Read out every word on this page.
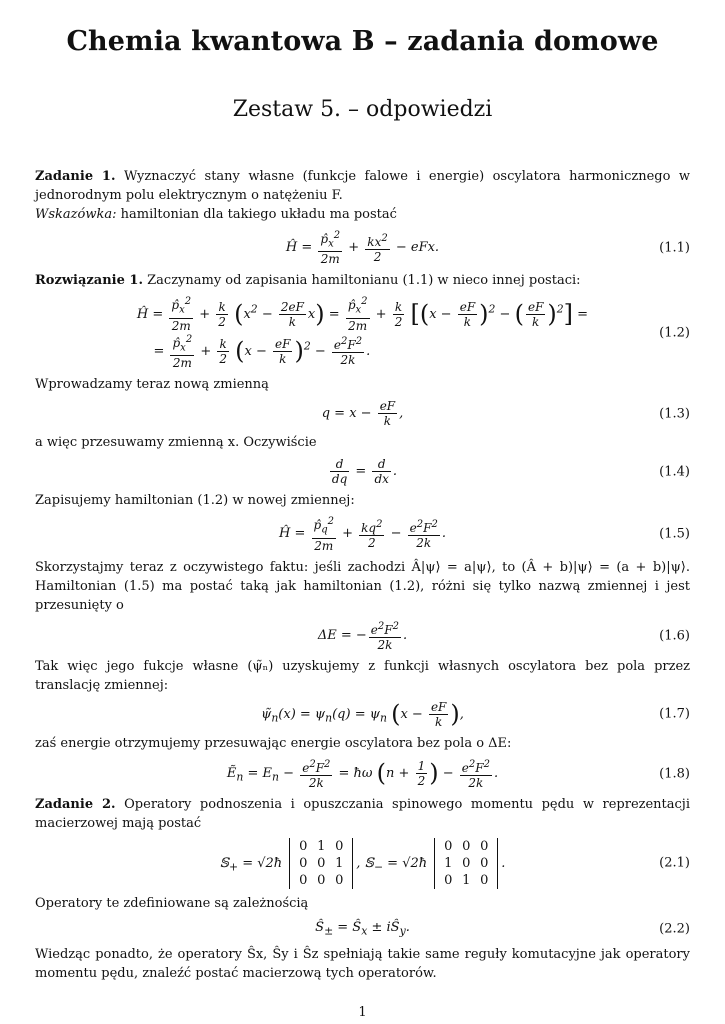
Chemia kwantowa B – zadania domowe
Zestaw 5. – odpowiedzi

Zadanie 1. Wyznaczyć stany własne (funkcje falowe i energie) oscylatora harmonicznego w jednorodnym polu elektrycznym o natężeniu F.
Wskazówka: hamiltonian dla takiego układu ma postać

Ĥ = $\frac{p̂_x^2}{2m} + \frac{kx^2}{2}$ − eFx.	(1.1)

Rozwiązanie 1. Zaczynamy od zapisania hamiltonianu (1.1) w nieco innej postaci:

Ĥ = $\frac{p̂_x^2}{2m} + \frac{k}{2} (x^2 - \frac{2eF}{k} x) = \frac{p̂_x^2}{2m} + \frac{k}{2} [(x - \frac{eF}{k} )^2$ − ( $\frac{eF}{k} )^2$] =
= $\frac{p̂_x^2}{2m} + \frac{k}{2} (x - \frac{eF}{k} )^2 - \frac{e^2F^2}{2k}$ .
(1.2)

Wprowadzamy teraz nową zmienną

$q = x - \frac{eF}{k}$ ,	(1.3)

a więc przesuwamy zmienną x. Oczywiście

$\frac{d}{dq} = \frac{d}{dx}$ .	(1.4)

Zapisujemy hamiltonian (1.2) w nowej zmiennej:

Ĥ = $\frac{p̂_q^2}{2m} + \frac{kq^2}{2} - \frac{e^2F^2}{2k}$ .	(1.5)

Skorzystajmy teraz z oczywistego faktu: jeśli zachodzi Â|ψ⟩ = a|ψ⟩, to (Â + b)|ψ⟩ = (a + b)|ψ⟩. Hamiltonian (1.5) ma postać taką jak hamiltonian (1.2), różni się tylko nazwą zmiennej i jest przesunięty o

ΔE = − $\frac{e^2F^2}{2k}$ .	(1.6)

Tak więc jego fukcje własne (ψ̃ₙ) uzyskujemy z funkcji własnych oscylatora bez pola przez translację zmiennej:

$\psĩ_n(x) = \psi_n(q) = \psi_n$ ($x - \frac{eF}{k}$ ),	(1.7)

zaś energie otrzymujemy przesuwając energie oscylatora bez pola o ΔE:

Ẽ$_n$ = $E_n - \frac{e^2F^2}{2k}$ = ħω ($n + \frac{1}{2}$ ) − $\frac{e^2F^2}{2k}$ .	(1.8)

Zadanie 2. Operatory podnoszenia i opuszczania spinowego momentu pędu w reprezentacji macierzowej mają postać

𝕊$_+$ = √2ħ 0 1 0
0 0 1
0 0 0, 𝕊$_-$ = √2ħ 0 0 0
1 0 0
0 1 0.	(2.1)

Operatory te zdefiniowane są zależnością

$Ŝ_\pm$ = $Ŝ_x$ ± $iŜ_y$.	(2.2)

Wiedząc ponadto, że operatory Ŝx, Ŝy i Ŝz spełniają takie same reguły komutacyjne jak operatory momentu pędu, znaleźć postać macierzową tych operatorów.

1
